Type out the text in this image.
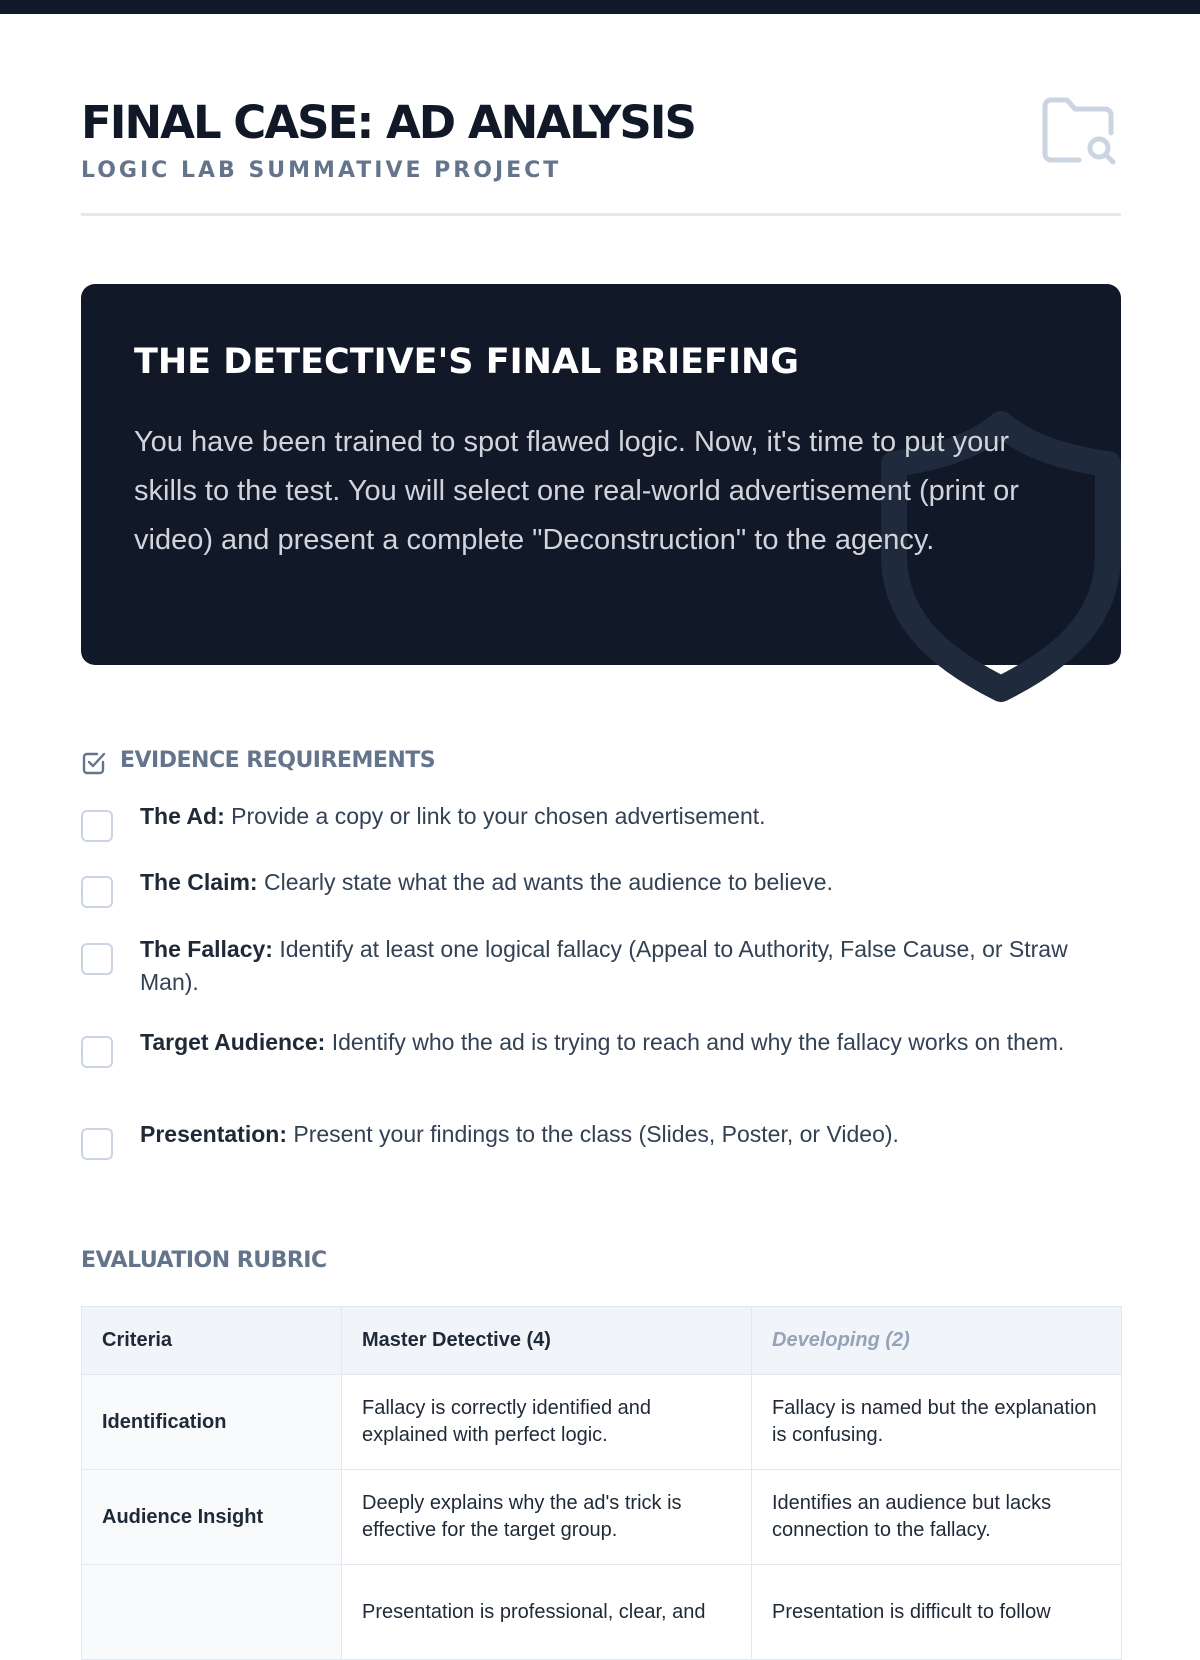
FINAL CASE: AD ANALYSIS
LOGIC LAB SUMMATIVE PROJECT
THE DETECTIVE'S FINAL BRIEFING
You have been trained to spot flawed logic. Now, it's time to put your skills to the test. You will select one real-world advertisement (print or video) and present a complete "Deconstruction" to the agency.
EVIDENCE REQUIREMENTS
The Ad: Provide a copy or link to your chosen advertisement.
The Claim: Clearly state what the ad wants the audience to believe.
The Fallacy: Identify at least one logical fallacy (Appeal to Authority, False Cause, or Straw Man).
Target Audience: Identify who the ad is trying to reach and why the fallacy works on them.
Presentation: Present your findings to the class (Slides, Poster, or Video).
EVALUATION RUBRIC
Criteria	Master Detective (4)	Developing (2)
Identification	Fallacy is correctly identified and explained with perfect logic.	Fallacy is named but the explanation is confusing.
Audience Insight	Deeply explains why the ad's trick is effective for the target group.	Identifies an audience but lacks connection to the fallacy.
	Presentation is professional, clear, and	Presentation is difficult to follow
